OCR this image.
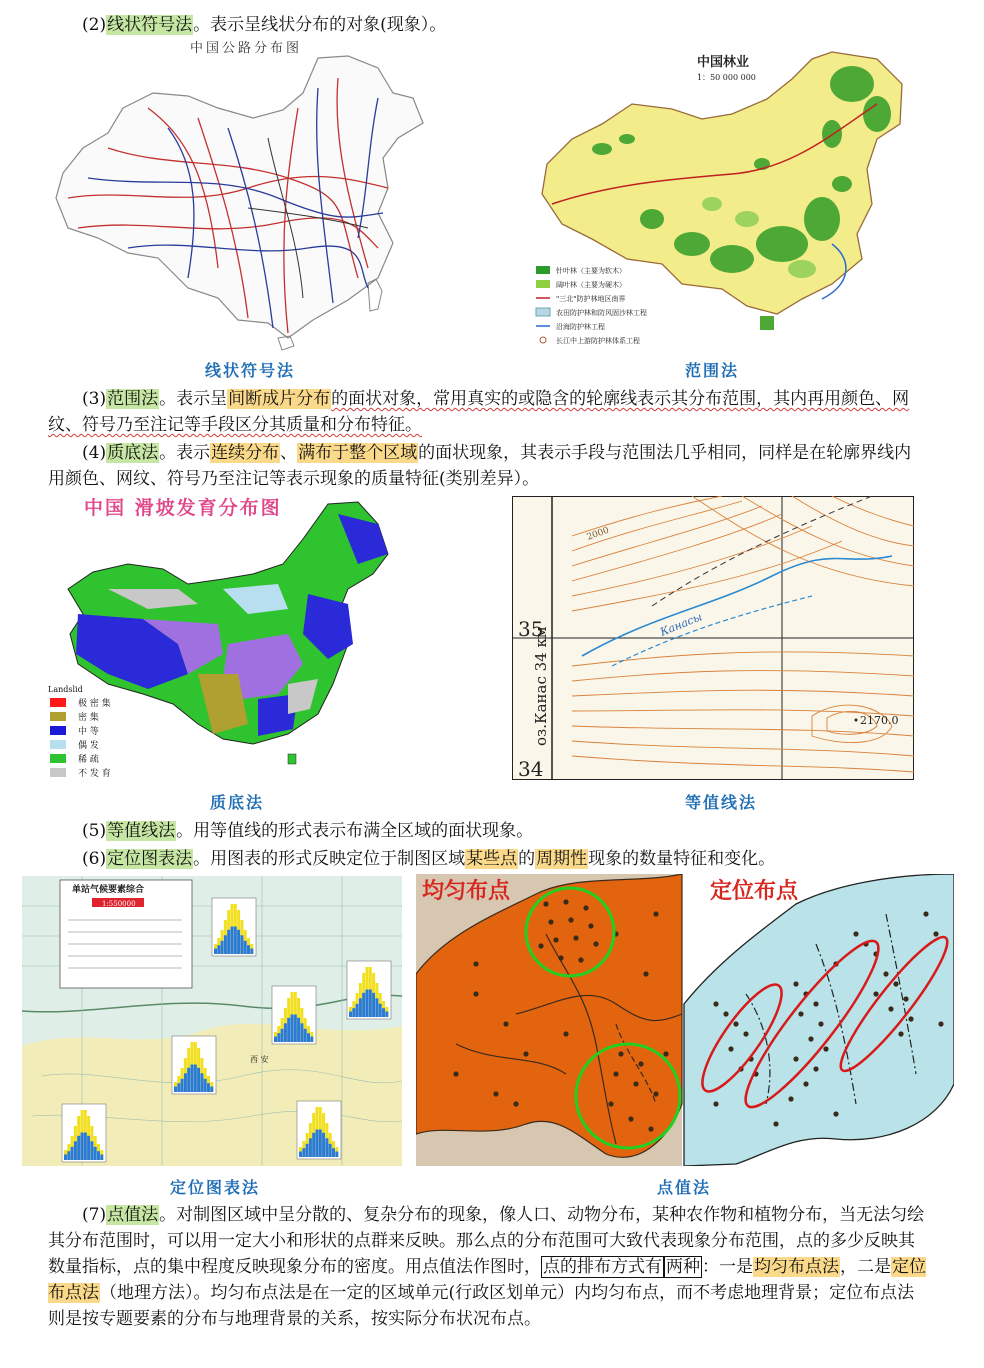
(2)线状符号法。表示呈线状分布的对象(现象）。
中国公路分布图
中国林业
1：50 000 000
针叶林（主要为软木）
阔叶林（主要为硬木）
"三北"防护林地区南界
农田防护林和防风固沙林工程
沿海防护林工程
长江中上游防护林体系工程
线状符号法	范围法
(3)范围法。表示呈间断成片分布的面状对象，常用真实的或隐含的轮廓线表示其分布范围，其内再用颜色、网纹、符号乃至注记等手段区分其质量和分布特征。
(4)质底法。表示连续分布、满布于整个区域的面状现象，其表示手段与范围法几乎相同，同样是在轮廓界线内用颜色、网纹、符号乃至注记等表示现象的质量特征(类别差异）。
中国 滑坡发育分布图
Landslid
极 密 集
密 集
中 等
偶 发
稀 疏
不 发 育
2000
35
34
оз.Канас 34 км
Канасы
2170.0
质底法	等值线法
(5)等值线法。用等值线的形式表示布满全区域的面状现象。
(6)定位图表法。用图表的形式反映定位于制图区域某些点的周期性现象的数量特征和变化。
单站气候要素综合
1:550000
西 安
均匀布点	定位布点
定位图表法	点值法
(7)点值法。对制图区域中呈分散的、复杂分布的现象，像人口、动物分布，某种农作物和植物分布，当无法匀绘其分布范围时，可以用一定大小和形状的点群来反映。那么点的分布范围可大致代表现象分布范围，点的多少反映其数量指标，点的集中程度反映现象分布的密度。用点值法作图时， 点的排布方式有 两种 ：一是均匀布点法，二是定位布点法（地理方法）。均匀布点法是在一定的区域单元(行政区划单元）内均匀布点，而不考虑地理背景；定位布点法则是按专题要素的分布与地理背景的关系，按实际分布状况布点。
